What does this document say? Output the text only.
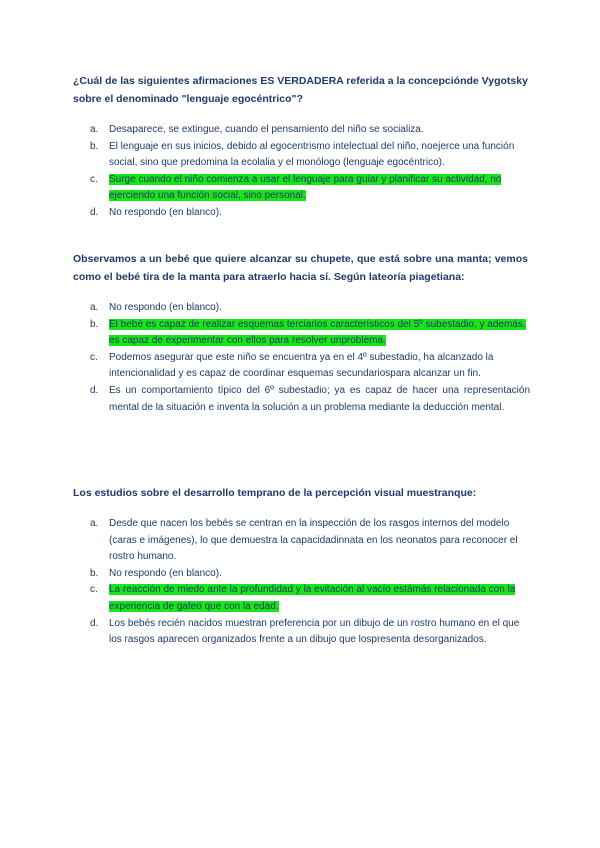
¿Cuál de las siguientes afirmaciones ES VERDADERA referida a la concepciónde Vygotsky sobre el denominado "lenguaje egocéntrico"?
a. Desaparece, se extingue, cuando el pensamiento del niño se socializa.
b. El lenguaje en sus inicios, debido al egocentrismo intelectual del niño, noejerce una función social, sino que predomina la ecolalia y el monólogo (lenguaje egocéntrico).
c. Surge cuando el niño comienza a usar el lenguaje para guiar y planificar su actividad, no ejerciendo una función social, sino personal.
d. No respondo (en blanco).
Observamos a un bebé que quiere alcanzar su chupete, que está sobre una manta; vemos como el bebé tira de la manta para atraerlo hacia sí. Según lateoría piagetiana:
a. No respondo (en blanco).
b. El bebé es capaz de realizar esquemas terciarios característicos del 5º subestadio, y además, es capaz de experimentar con ellos para resolver unproblema.
c. Podemos asegurar que este niño se encuentra ya en el 4º subestadio, ha alcanzado la intencionalidad y es capaz de coordinar esquemas secundariospara alcanzar un fin.
d. Es un comportamiento típico del 6º subestadio; ya es capaz de hacer una representación mental de la situación e inventa la solución a un problema mediante la deducción mental.
Los estudios sobre el desarrollo temprano de la percepción visual muestranque:
a. Desde que nacen los bebés se centran en la inspección de los rasgos internos del modelo (caras e imágenes), lo que demuestra la capacidadinnata en los neonatos para reconocer el rostro humano.
b. No respondo (en blanco).
c. La reacción de miedo ante la profundidad y la evitación al vacío estámás relacionada con la experiencia de gateo que con la edad.
d. Los bebés recién nacidos muestran preferencia por un dibujo de un rostro humano en el que los rasgos aparecen organizados frente a un dibujo que lospresenta desorganizados.
